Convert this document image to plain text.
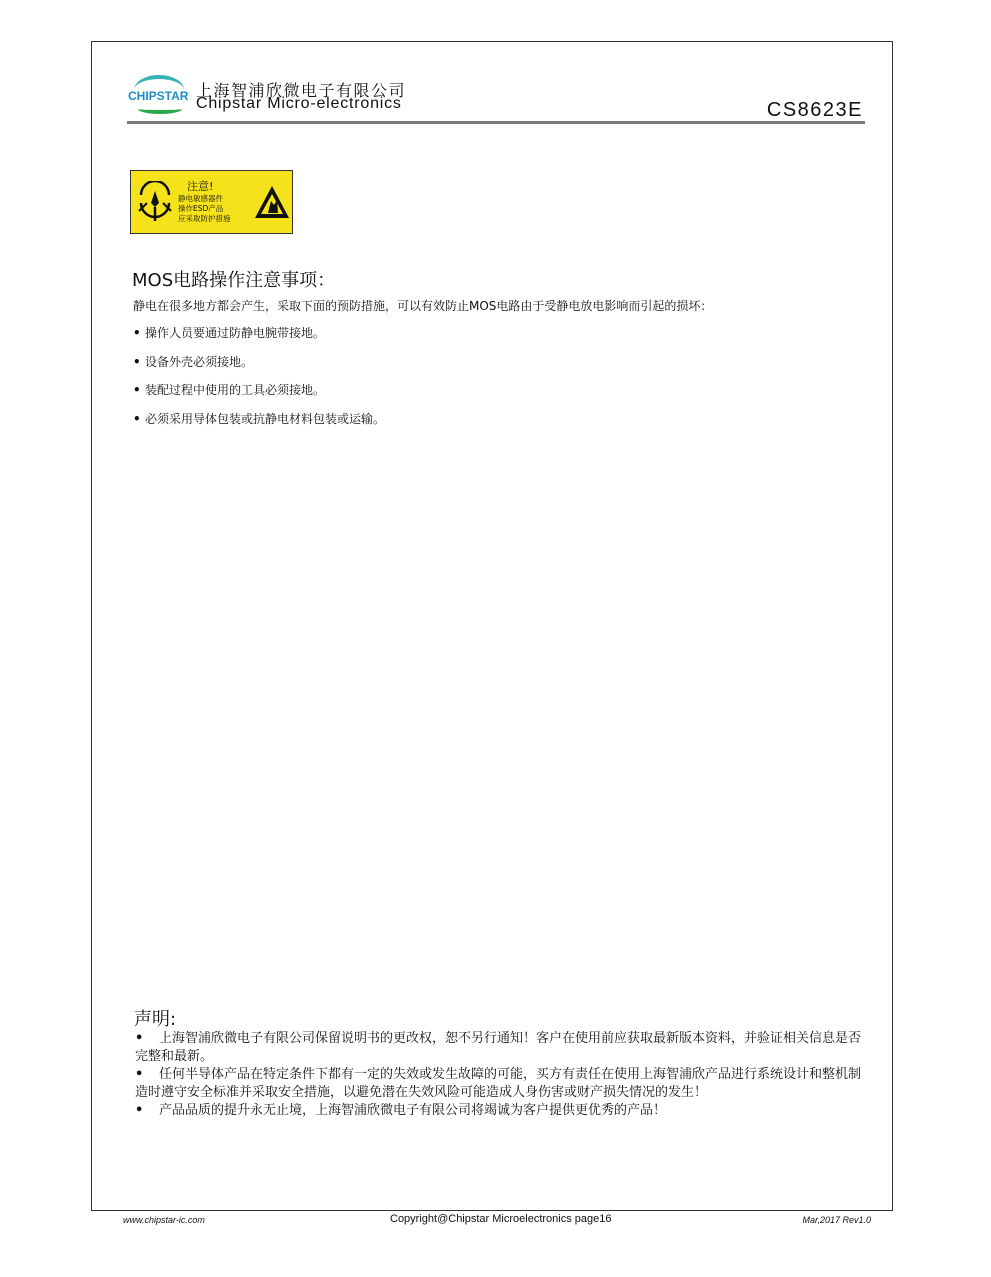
CHIPSTAR 上海智浦欣微电子有限公司
Chipstar Micro-electronics	CS8623E
注意!
静电敏感器件
操作ESD产品
应采取防护措施
MOS电路操作注意事项：
静电在很多地方都会产生，采取下面的预防措施，可以有效防止MOS电路由于受静电放电影响而引起的损坏：
• 操作人员要通过防静电腕带接地。
• 设备外壳必须接地。
• 装配过程中使用的工具必须接地。
• 必须采用导体包装或抗静电材料包装或运输。
声明:
• 上海智浦欣微电子有限公司保留说明书的更改权，恕不另行通知！客户在使用前应获取最新版本资料，并验证相关信息是否完整和最新。
• 任何半导体产品在特定条件下都有一定的失效或发生故障的可能，买方有责任在使用上海智浦欣产品进行系统设计和整机制造时遵守安全标准并采取安全措施，以避免潜在失效风险可能造成人身伤害或财产损失情况的发生！
• 产品品质的提升永无止境，上海智浦欣微电子有限公司将竭诚为客户提供更优秀的产品！
www.chipstar-ic.com	Copyright@Chipstar Microelectronics page16	Mar,2017 Rev1.0
